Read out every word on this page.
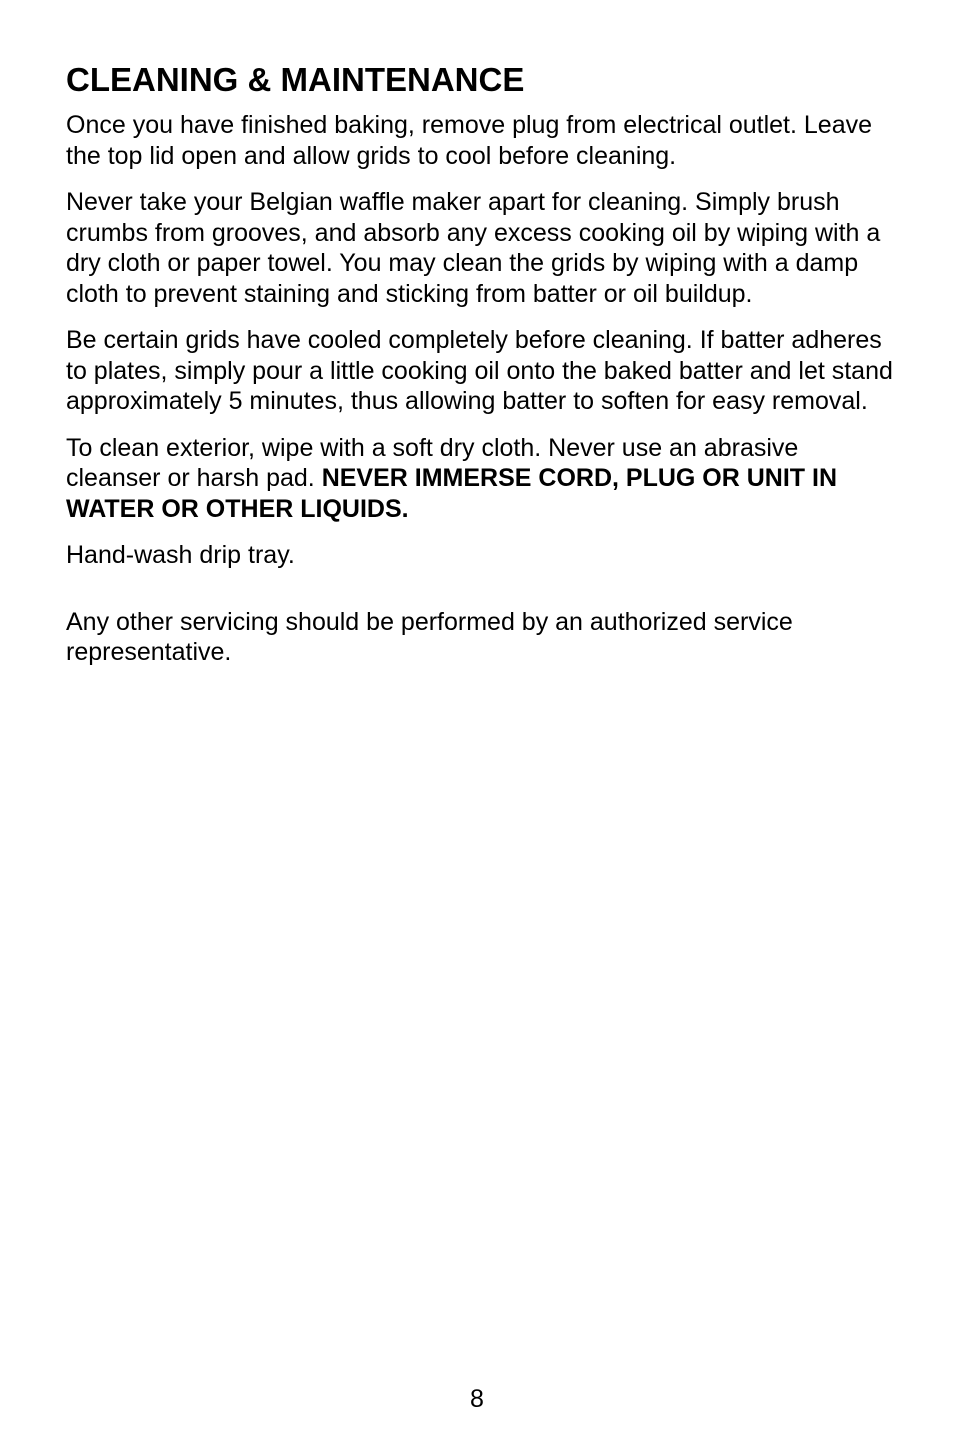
CLEANING & MAINTENANCE

Once you have finished baking, remove plug from electrical outlet. Leave the top lid open and allow grids to cool before cleaning.

Never take your Belgian waffle maker apart for cleaning. Simply brush crumbs from grooves, and absorb any excess cooking oil by wiping with a dry cloth or paper towel. You may clean the grids by wiping with a damp cloth to prevent staining and sticking from batter or oil buildup.

Be certain grids have cooled completely before cleaning. If batter adheres to plates, simply pour a little cooking oil onto the baked batter and let stand approximately 5 minutes, thus allowing batter to soften for easy removal.

To clean exterior, wipe with a soft dry cloth. Never use an abrasive cleanser or harsh pad. NEVER IMMERSE CORD, PLUG OR UNIT IN WATER OR OTHER LIQUIDS.

Hand-wash drip tray.

Any other servicing should be performed by an authorized service representative.

8
